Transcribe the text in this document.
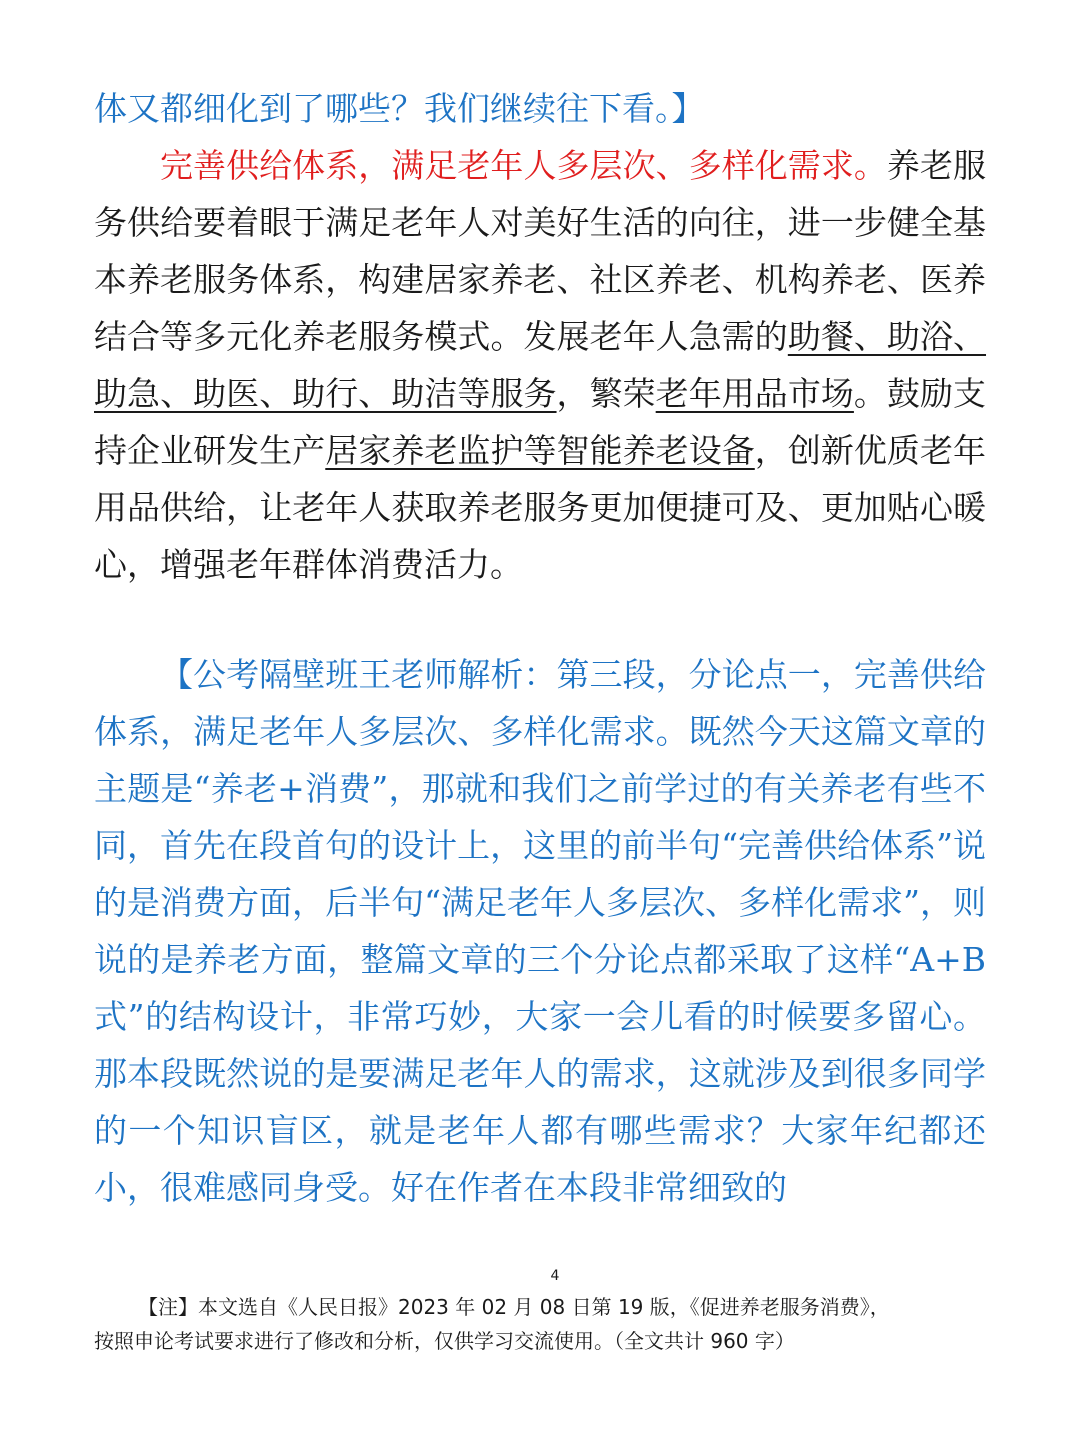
体又都细化到了哪些？我们继续往下看。】
完善供给体系，满足老年人多层次、多样化需求。养老服务供给要着眼于满足老年人对美好生活的向往，进一步健全基本养老服务体系，构建居家养老、社区养老、机构养老、医养结合等多元化养老服务模式。发展老年人急需的助餐、助浴、助急、助医、助行、助洁等服务，繁荣老年用品市场。鼓励支持企业研发生产居家养老监护等智能养老设备，创新优质老年用品供给，让老年人获取养老服务更加便捷可及、更加贴心暖心，增强老年群体消费活力。
【公考隔壁班王老师解析：第三段，分论点一，完善供给体系，满足老年人多层次、多样化需求。既然今天这篇文章的主题是“养老+消费”，那就和我们之前学过的有关养老有些不同，首先在段首句的设计上，这里的前半句“完善供给体系”说的是消费方面，后半句“满足老年人多层次、多样化需求”，则说的是养老方面，整篇文章的三个分论点都采取了这样“A+B式”的结构设计，非常巧妙，大家一会儿看的时候要多留心。那本段既然说的是要满足老年人的需求，这就涉及到很多同学的一个知识盲区，就是老年人都有哪些需求？大家年纪都还小，很难感同身受。好在作者在本段非常细致的
4
【注】本文选自《人民日报》2023 年 02 月 08 日第 19 版，《促进养老服务消费》，
按照申论考试要求进行了修改和分析，仅供学习交流使用。（全文共计 960 字）
